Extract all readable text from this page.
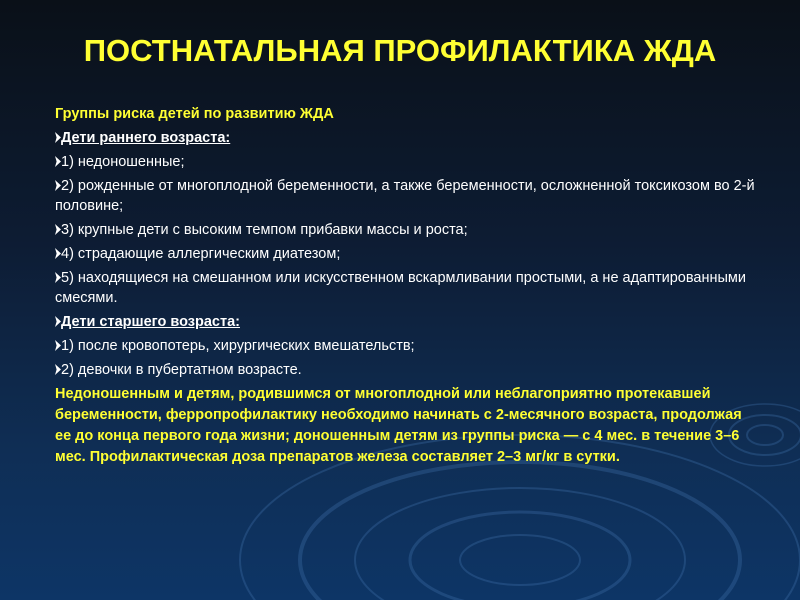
ПОСТНАТАЛЬНАЯ ПРОФИЛАКТИКА ЖДА
Группы риска детей по развитию ЖДА
Дети раннего возраста:
1) недоношенные;
2) рожденные от многоплодной беременности, а также беременности, осложненной токсикозом во 2-й половине;
3) крупные дети с высоким темпом прибавки массы и роста;
4) страдающие аллергическим диатезом;
5) находящиеся на смешанном или искусственном вскармливании простыми, а не адаптированными смесями.
Дети старшего возраста:
1) после кровопотерь, хирургических вмешательств;
2) девочки в пубертатном возрасте.
Недоношенным и детям, родившимся от многоплодной или неблагоприятно протекавшей беременности, ферропрофилактику необходимо начинать с 2-месячного возраста, продолжая ее до конца первого года жизни; доношенным детям из группы риска — с 4 мес. в течение 3–6 мес. Профилактическая доза препаратов железа составляет 2–3 мг/кг в сутки.
